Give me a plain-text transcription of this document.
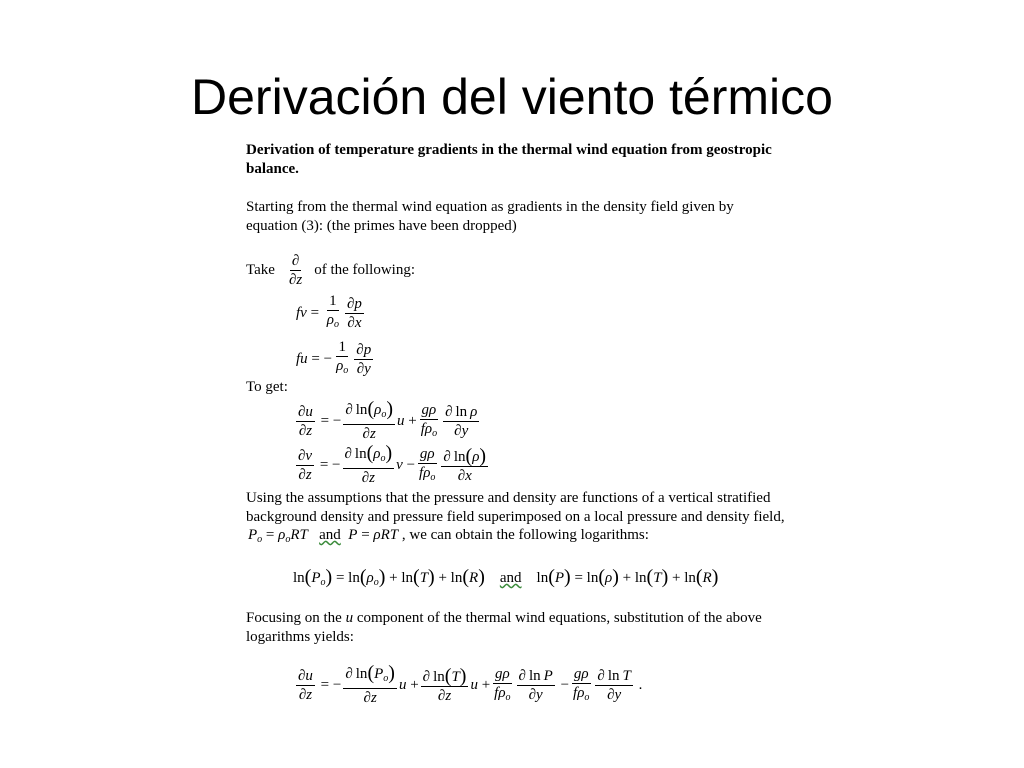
Derivación del viento térmico

Derivation of temperature gradients in the thermal wind equation from geostropic balance.

Starting from the thermal wind equation as gradients in the density field given by equation (3): (the primes have been dropped)

Take $\frac{\partial}{\partial z}$ of the following:
fv = $\frac{1}{\rho_o} \frac{\partial p}{\partial x}$
fu = − $\frac{1}{\rho_o} \frac{\partial p}{\partial y}$
To get:
$\frac{\partial u}{\partial z}$ = − $\frac{\partial \ln(\rho_o)}{\partial z}$ $u + \frac{g\rho}{f\rho_o} \frac{\text{∂ ln ρ}}{\partial y}$
$\frac{\partial v}{\partial z}$ = − $\frac{\partial \ln(\rho_o)}{\partial z}$ $v - \frac{g\rho}{f\rho_o} \frac{\partial \ln(\rho)}{\partial x}$
Using the assumptions that the pressure and density are functions of a vertical stratified background density and pressure field superimposed on a local pressure and density field,
$P_o = \rho_oRT$ and P = ρRT , we can obtain the following logarithms:
$\ln(P_o) = \ln(\rho_o) + \ln(T) + \ln(R)$ and    ln(P) = ln(ρ) + ln(T) + ln(R)
Focusing on the u component of the thermal wind equations, substitution of the above logarithms yields:
$\frac{\partial u}{\partial z}$ = − $\frac{\partial \ln(P_o)}{\partial z}$ $u + \frac{\partial \ln(T)}{\partial z}$ $u + \frac{g\rho}{f\rho_o} \frac{\text{∂ ln P}}{\partial y} - \frac{g\rho}{f\rho_o} \frac{\text{∂ ln T}}{\partial y}$
.
